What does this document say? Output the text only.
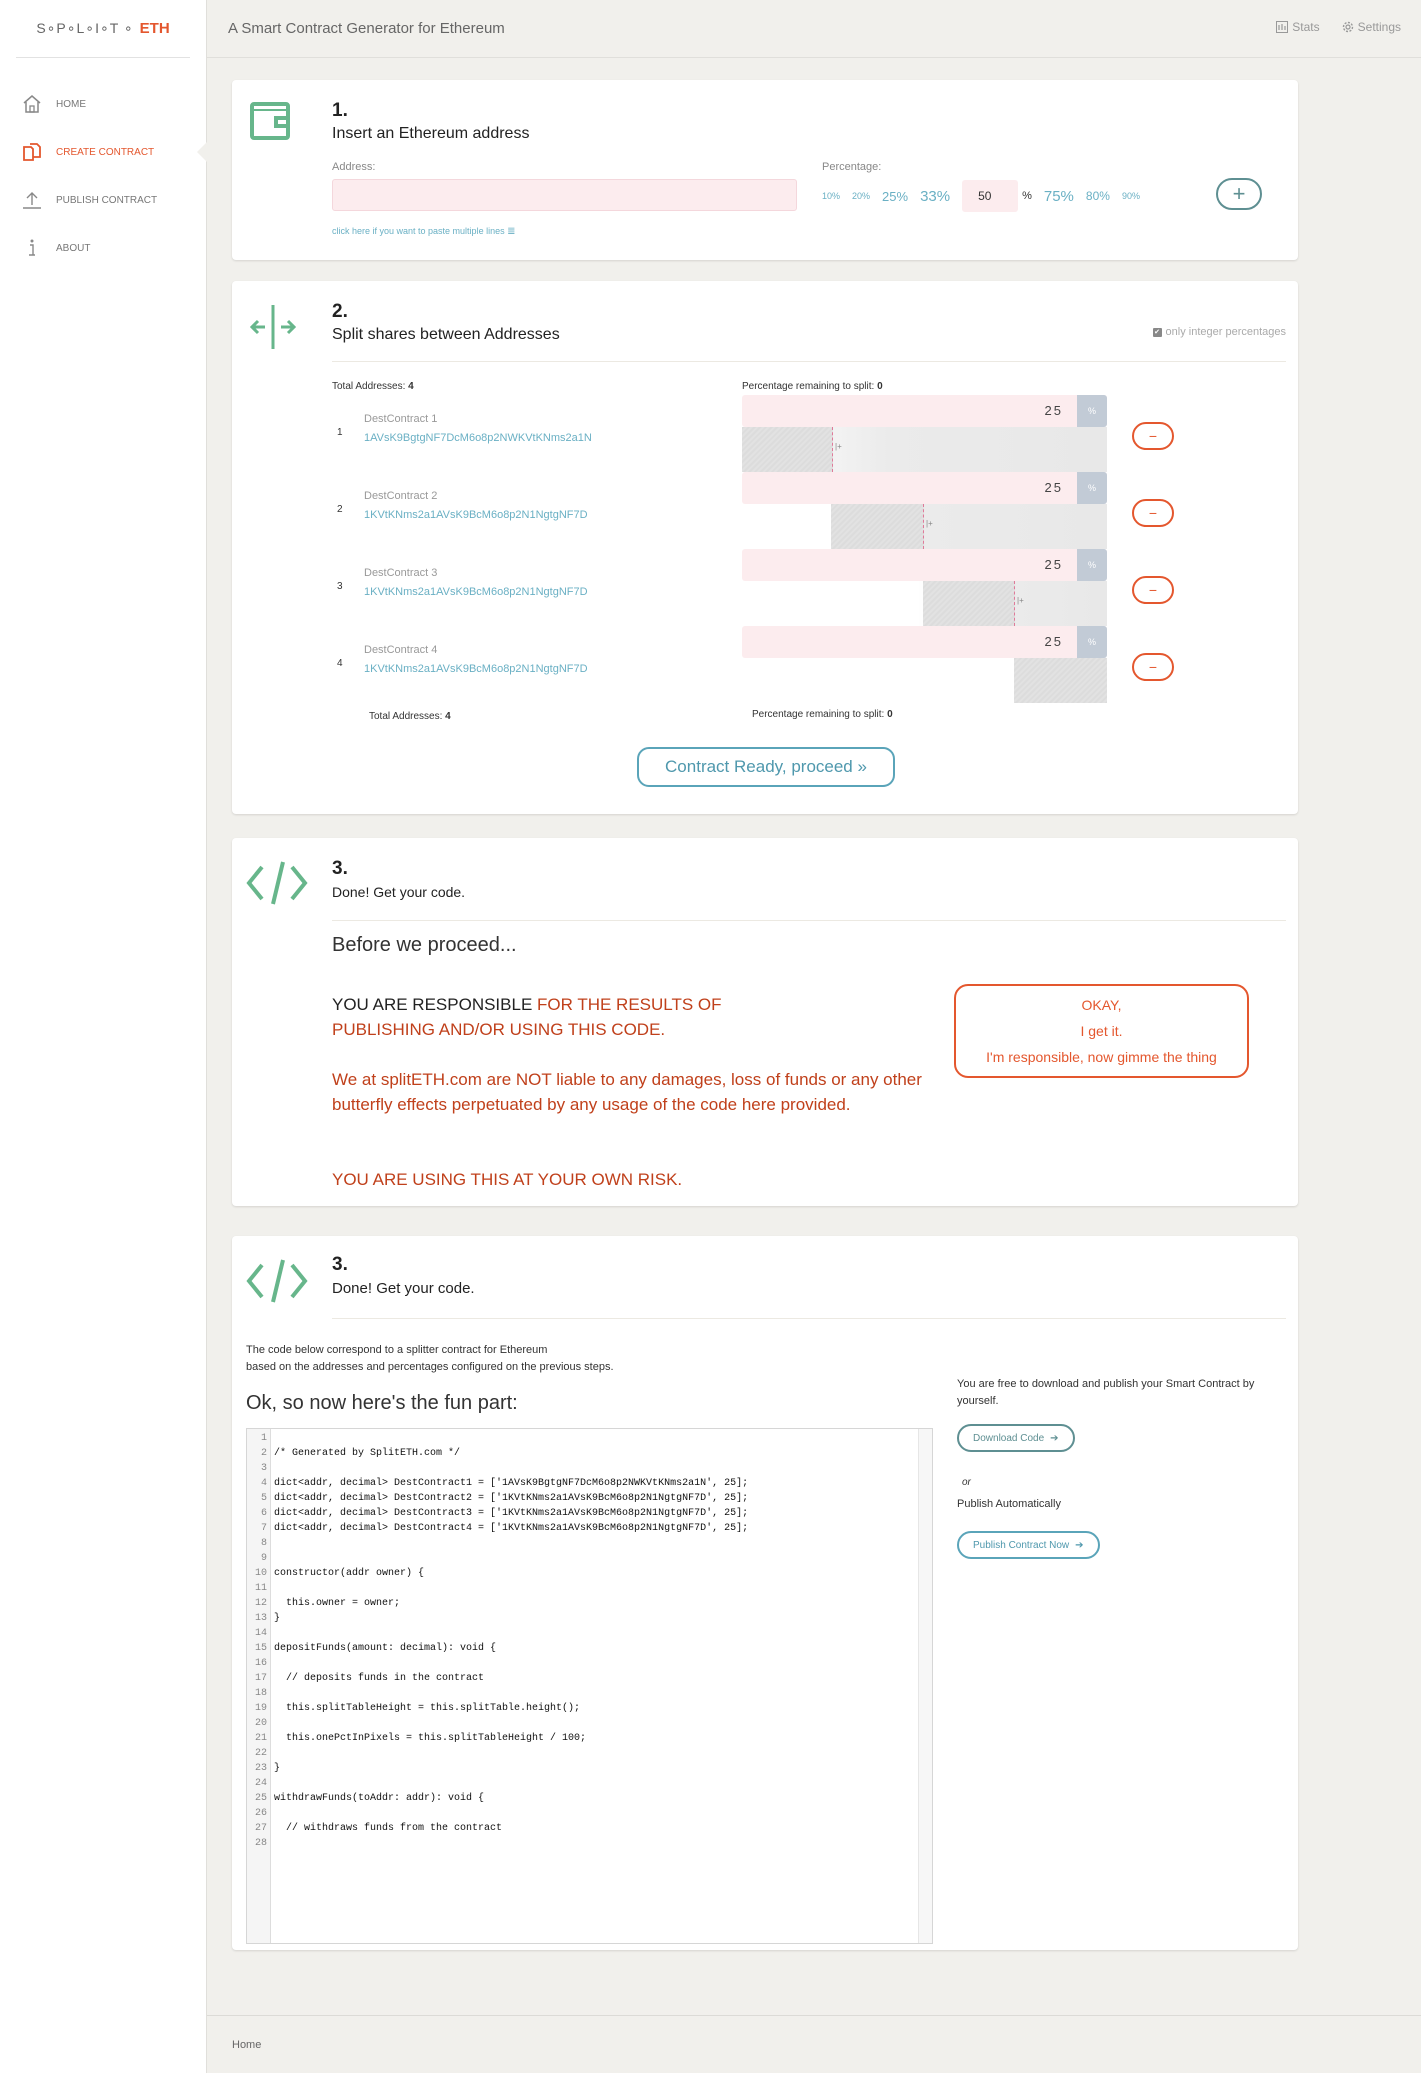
S∘P∘L∘I∘T ∘ ETH
HOME
CREATE CONTRACT
PUBLISH CONTRACT
ABOUT
A Smart Contract Generator for Ethereum	Stats	Settings
1.
Insert an Ethereum address
Address:
click here if you want to paste multiple lines ≣
Percentage:
10% 20% 25% 33%	50	% 75% 80% 90%	+
2.
Split shares between Addresses	✔ only integer percentages
Total Addresses: 4	Percentage remaining to split: 0
1
DestContract 1
1AVsK9BgtgNF7DcM6o8p2NWKVtKNms2a1N
25	%
|+
−
2
DestContract 2
1KVtKNms2a1AVsK9BcM6o8p2N1NgtgNF7D
25	%
|+
−
3
DestContract 3
1KVtKNms2a1AVsK9BcM6o8p2N1NgtgNF7D
25	%
|+
−
4
DestContract 4
1KVtKNms2a1AVsK9BcM6o8p2N1NgtgNF7D
25	%
−
Total Addresses: 4	Percentage remaining to split: 0
Contract Ready, proceed »
3.
Done! Get your code.
Before we proceed...
YOU ARE RESPONSIBLE FOR THE RESULTS OF PUBLISHING AND/OR USING THIS CODE.
We at splitETH.com are NOT liable to any damages, loss of funds or any other butterfly effects perpetuated by any usage of the code here provided.
YOU ARE USING THIS AT YOUR OWN RISK.
OKAY,
I get it.
I'm responsible, now gimme the thing
3.
Done! Get your code.
The code below correspond to a splitter contract for Ethereum
based on the addresses and percentages configured on the previous steps.
Ok, so now here's the fun part:
1
2 /* Generated by SplitETH.com */
3
4 dict<addr, decimal> DestContract1 = ['1AVsK9BgtgNF7DcM6o8p2NWKVtKNms2a1N', 25];
5 dict<addr, decimal> DestContract2 = ['1KVtKNms2a1AVsK9BcM6o8p2N1NgtgNF7D', 25];
6 dict<addr, decimal> DestContract3 = ['1KVtKNms2a1AVsK9BcM6o8p2N1NgtgNF7D', 25];
7 dict<addr, decimal> DestContract4 = ['1KVtKNms2a1AVsK9BcM6o8p2N1NgtgNF7D', 25];
8
9
10 constructor(addr owner) {
11
12 this.owner = owner;
13 }
14
15 depositFunds(amount: decimal): void {
16
17 // deposits funds in the contract
18
19 this.splitTableHeight = this.splitTable.height();
20
21 this.onePctInPixels = this.splitTableHeight / 100;
22
23 }
24
25 withdrawFunds(toAddr: addr): void {
26
27 // withdraws funds from the contract
28
You are free to download and publish your Smart Contract by yourself.
Download Code ➔
or
Publish Automatically
Publish Contract Now ➔
Home
